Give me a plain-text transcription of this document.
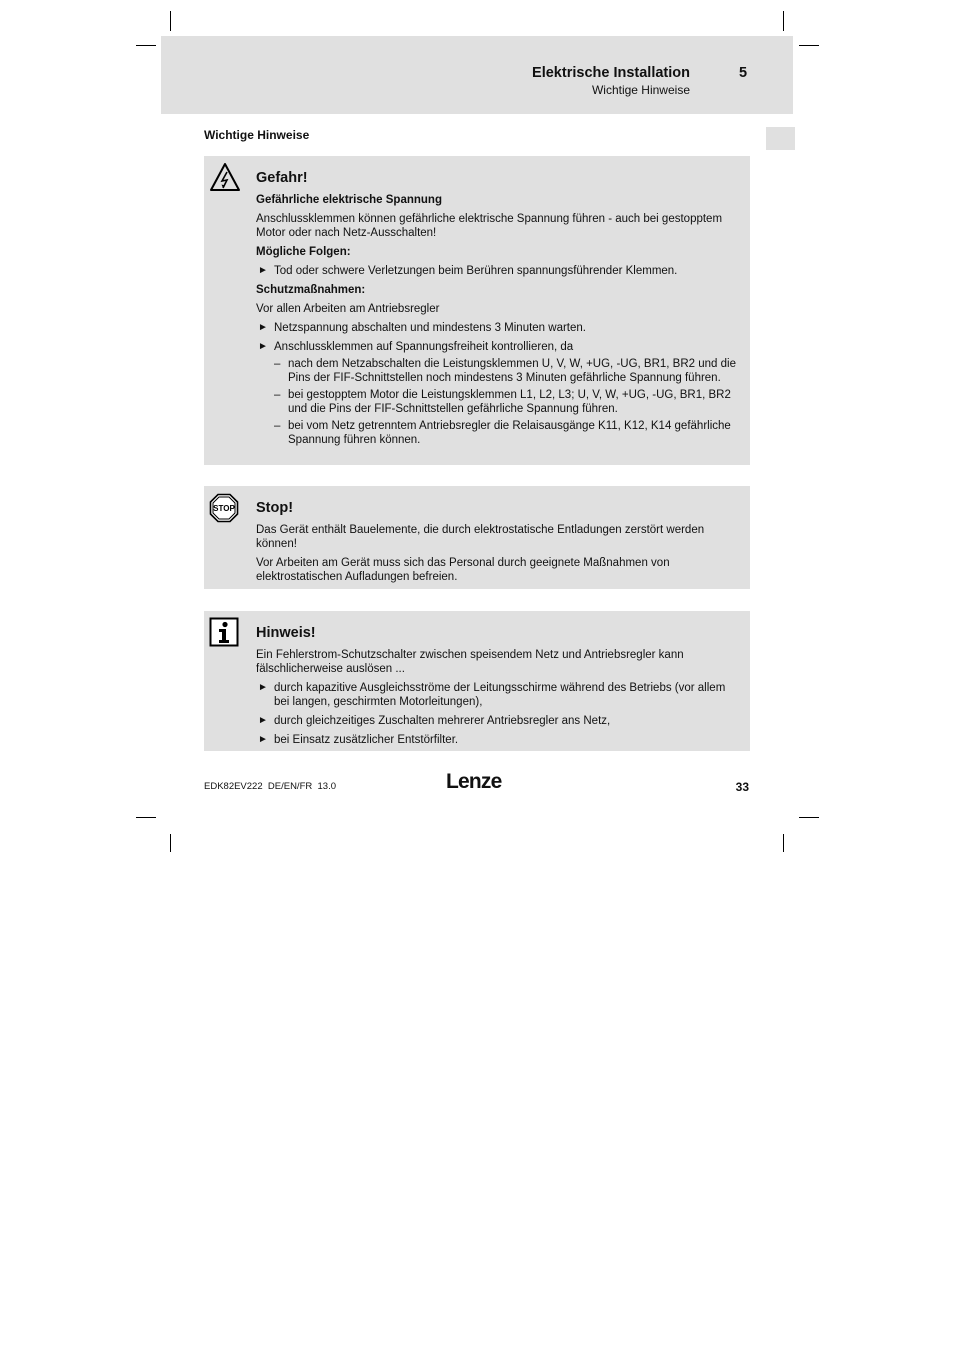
Elektrische Installation	5
Wichtige Hinweise
Wichtige Hinweise
Gefahr!
Gefährliche elektrische Spannung
Anschlussklemmen können gefährliche elektrische Spannung führen - auch bei gestopptem Motor oder nach Netz-Ausschalten!
Mögliche Folgen:
► Tod oder schwere Verletzungen beim Berühren spannungsführender Klemmen.
Schutzmaßnahmen:
Vor allen Arbeiten am Antriebsregler
► Netzspannung abschalten und mindestens 3 Minuten warten.
► Anschlussklemmen auf Spannungsfreiheit kontrollieren, da
– nach dem Netzabschalten die Leistungsklemmen U, V, W, +UG, -UG, BR1, BR2 und die Pins der FIF-Schnittstellen noch mindestens 3 Minuten gefährliche Spannung führen.
– bei gestopptem Motor die Leistungsklemmen L1, L2, L3; U, V, W, +UG, -UG, BR1, BR2 und die Pins der FIF-Schnittstellen gefährliche Spannung führen.
– bei vom Netz getrenntem Antriebsregler die Relaisausgänge K11, K12, K14 gefährliche Spannung führen können.
STOP Stop!
Das Gerät enthält Bauelemente, die durch elektrostatische Entladungen zerstört werden können!
Vor Arbeiten am Gerät muss sich das Personal durch geeignete Maßnahmen von elektrostatischen Aufladungen befreien.
Hinweis!
Ein Fehlerstrom-Schutzschalter zwischen speisendem Netz und Antriebsregler kann fälschlicherweise auslösen ...
► durch kapazitive Ausgleichsströme der Leitungsschirme während des Betriebs (vor allem bei langen, geschirmten Motorleitungen),
► durch gleichzeitiges Zuschalten mehrerer Antriebsregler ans Netz,
► bei Einsatz zusätzlicher Entstörfilter.
EDK82EV222  DE/EN/FR  13.0	Lenze	33
